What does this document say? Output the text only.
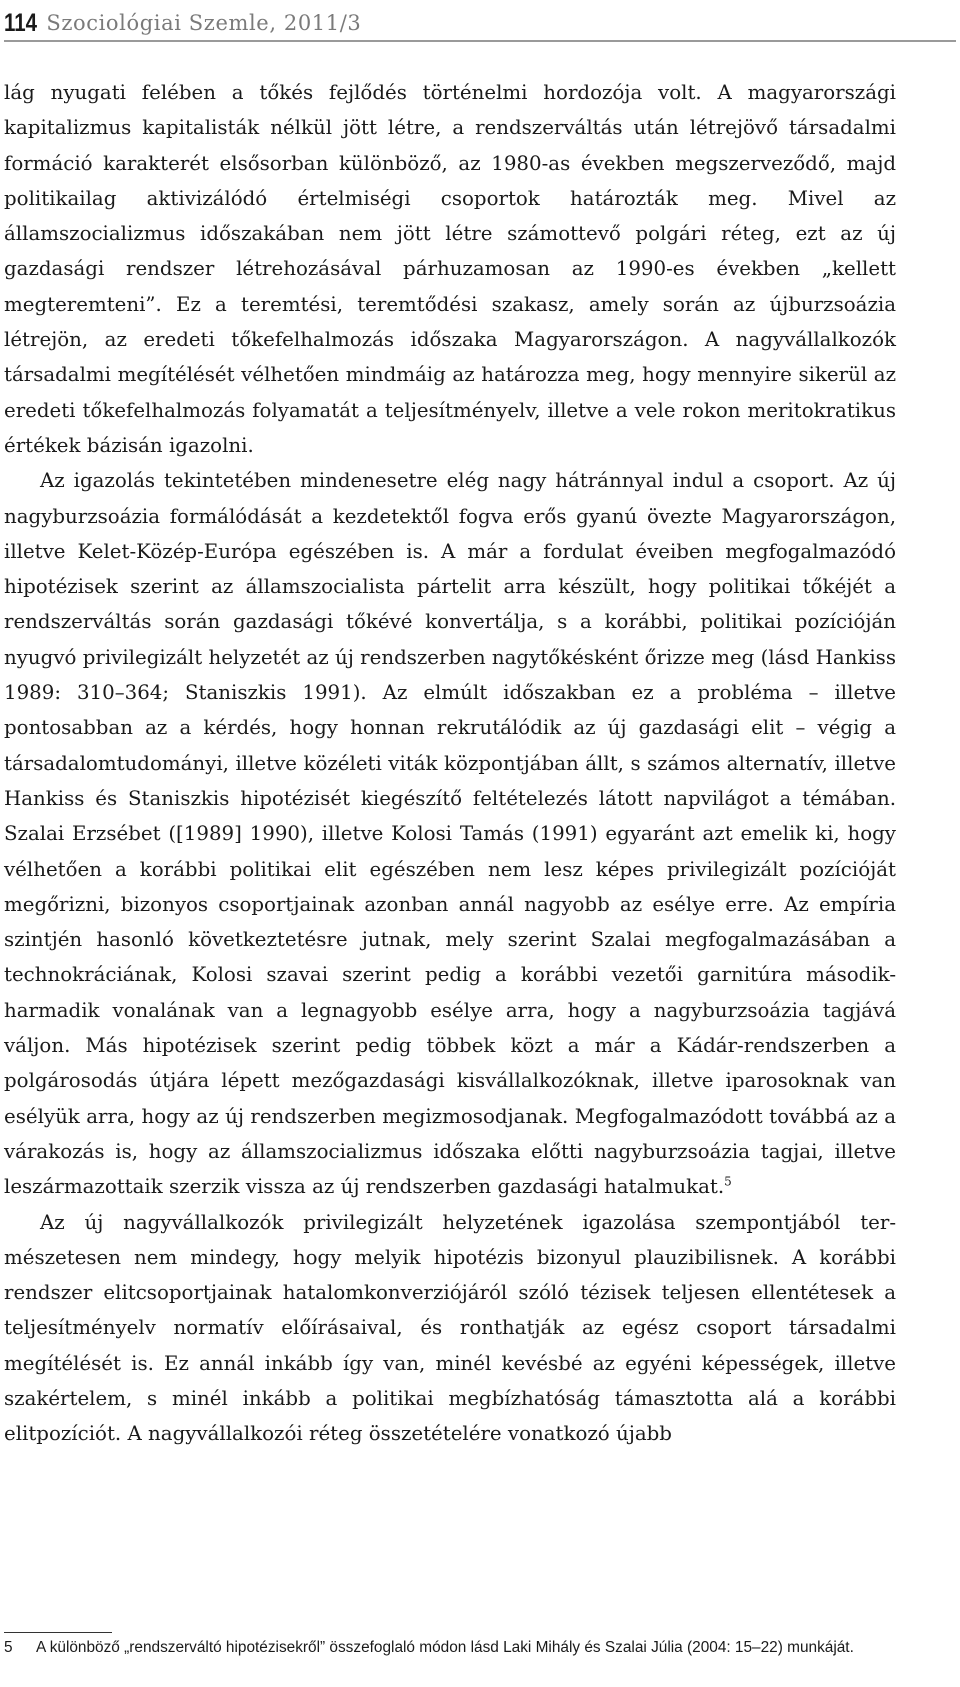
114 Szociológiai Szemle, 2011/3

lág nyugati felében a tőkés fejlődés történelmi hordozója volt. A magyarországi kapitalizmus kapitalisták nélkül jött létre, a rendszerváltás után létrejövő társadalmi formáció karakterét elsősorban különböző, az 1980-as években megszerveződő, majd politikailag aktivizálódó értelmiségi csoportok határozták meg. Mivel az államszocializmus időszakában nem jött létre számottevő polgári réteg, ezt az új gazdasági rendszer létrehozásával párhuzamosan az 1990-es években „kellett megteremteni”. Ez a teremtési, teremtődési szakasz, amely során az újburzsoázia létrejön, az eredeti tőkefelhalmozás időszaka Magyarországon. A nagyvállalkozók társadalmi megítélését vélhetően mindmáig az határozza meg, hogy mennyire sikerül az eredeti tőkefelhalmozás folyamatát a teljesítményelv, illetve a vele rokon meritokratikus értékek bázisán igazolni.

Az igazolás tekintetében mindenesetre elég nagy hátránnyal indul a csoport. Az új nagyburzsoázia formálódását a kezdetektől fogva erős gyanú övezte Magyarországon, illetve Kelet-Közép-Európa egészében is. A már a fordulat éveiben megfogalmazódó hipotézisek szerint az államszocialista pártelit arra készült, hogy politikai tőkéjét a rendszerváltás során gazdasági tőkévé konvertálja, s a korábbi, politikai pozícióján nyugvó privilegizált helyzetét az új rendszerben nagytőkésként őrizze meg (lásd Hankiss 1989: 310–364; Staniszkis 1991). Az elmúlt időszakban ez a probléma – illetve pontosabban az a kérdés, hogy honnan rekrutálódik az új gazdasági elit – végig a társadalomtudományi, illetve közéleti viták központjában állt, s számos alternatív, illetve Hankiss és Staniszkis hipotézisét kiegészítő feltételezés látott napvilágot a témában. Szalai Erzsébet ([1989] 1990), illetve Kolosi Tamás (1991) egyaránt azt emelik ki, hogy vélhetően a korábbi politikai elit egészében nem lesz képes privilegizált pozícióját megőrizni, bizonyos csoportjainak azonban annál nagyobb az esélye erre. Az empíria szintjén hasonló következtetésre jutnak, mely szerint Szalai megfogalmazásában a technokráciának, Kolosi szavai szerint pedig a korábbi vezetői garnitúra második-harmadik vonalának van a legnagyobb esélye arra, hogy a nagyburzsoázia tagjává váljon. Más hipotézisek szerint pedig többek közt a már a Kádár-rendszerben a polgárosodás útjára lépett mezőgazdasági kisvállalkozóknak, illetve iparosoknak van esélyük arra, hogy az új rendszerben megizmosodjanak. Megfogalmazódott továbbá az a várakozás is, hogy az államszocializmus időszaka előtti nagyburzsoázia tagjai, illetve leszármazottaik szerzik vissza az új rendszerben gazdasági hatalmukat.$^5$

Az új nagyvállalkozók privilegizált helyzetének igazolása szempontjából természetesen nem mindegy, hogy melyik hipotézis bizonyul plauzibilisnek. A korábbi rendszer elitcsoportjainak hatalomkonverziójáról szóló tézisek teljesen ellentétesek a teljesítményelv normatív előírásaival, és ronthatják az egész csoport társadalmi megítélését is. Ez annál inkább így van, minél kevésbé az egyéni képességek, illetve szakértelem, s minél inkább a politikai megbízhatóság támasztotta alá a korábbi elitpozíciót. A nagyvállalkozói réteg összetételére vonatkozó újabb

5	A különböző „rendszerváltó hipotézisekről” összefoglaló módon lásd Laki Mihály és Szalai Júlia (2004: 15–22) munkáját.
